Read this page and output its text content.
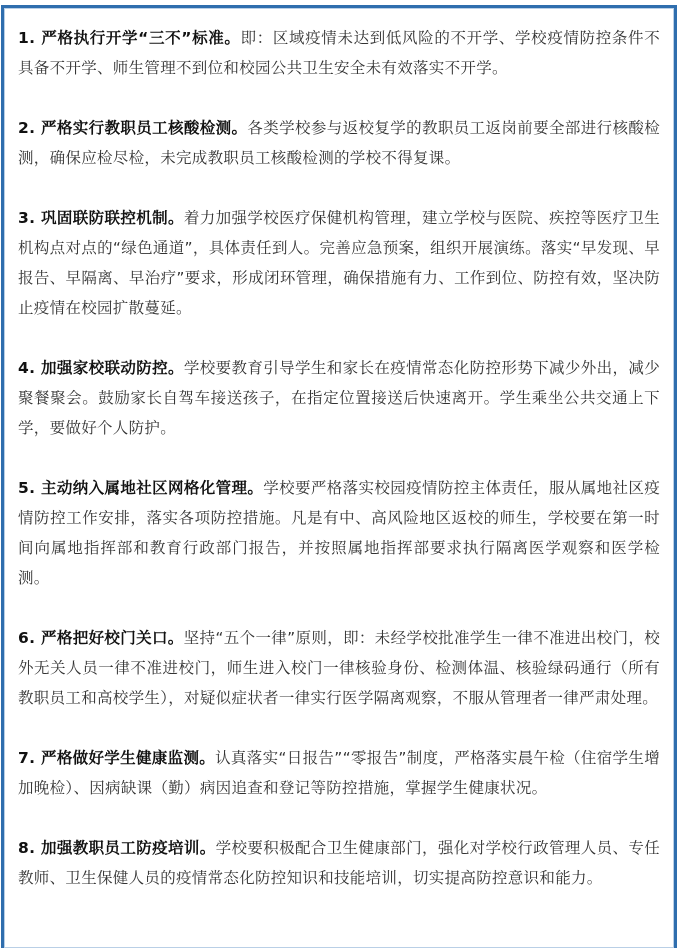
1. 严格执行开学“三不”标准。即：区域疫情未达到低风险的不开学、学校疫情防控条件不具备不开学、师生管理不到位和校园公共卫生安全未有效落实不开学。

2. 严格实行教职员工核酸检测。各类学校参与返校复学的教职员工返岗前要全部进行核酸检测，确保应检尽检，未完成教职员工核酸检测的学校不得复课。

3. 巩固联防联控机制。着力加强学校医疗保健机构管理，建立学校与医院、疾控等医疗卫生机构点对点的“绿色通道”，具体责任到人。完善应急预案，组织开展演练。落实“早发现、早报告、早隔离、早治疗”要求，形成闭环管理，确保措施有力、工作到位、防控有效，坚决防止疫情在校园扩散蔓延。

4. 加强家校联动防控。学校要教育引导学生和家长在疫情常态化防控形势下减少外出，减少聚餐聚会。鼓励家长自驾车接送孩子，在指定位置接送后快速离开。学生乘坐公共交通上下学，要做好个人防护。

5. 主动纳入属地社区网格化管理。学校要严格落实校园疫情防控主体责任，服从属地社区疫情防控工作安排，落实各项防控措施。凡是有中、高风险地区返校的师生，学校要在第一时间向属地指挥部和教育行政部门报告，并按照属地指挥部要求执行隔离医学观察和医学检测。

6. 严格把好校门关口。坚持“五个一律”原则，即：未经学校批准学生一律不准进出校门，校外无关人员一律不准进校门，师生进入校门一律核验身份、检测体温、核验绿码通行（所有教职员工和高校学生），对疑似症状者一律实行医学隔离观察，不服从管理者一律严肃处理。

7. 严格做好学生健康监测。认真落实“日报告”“零报告”制度，严格落实晨午检（住宿学生增加晚检）、因病缺课（勤）病因追查和登记等防控措施，掌握学生健康状况。

8. 加强教职员工防疫培训。学校要积极配合卫生健康部门，强化对学校行政管理人员、专任教师、卫生保健人员的疫情常态化防控知识和技能培训，切实提高防控意识和能力。
